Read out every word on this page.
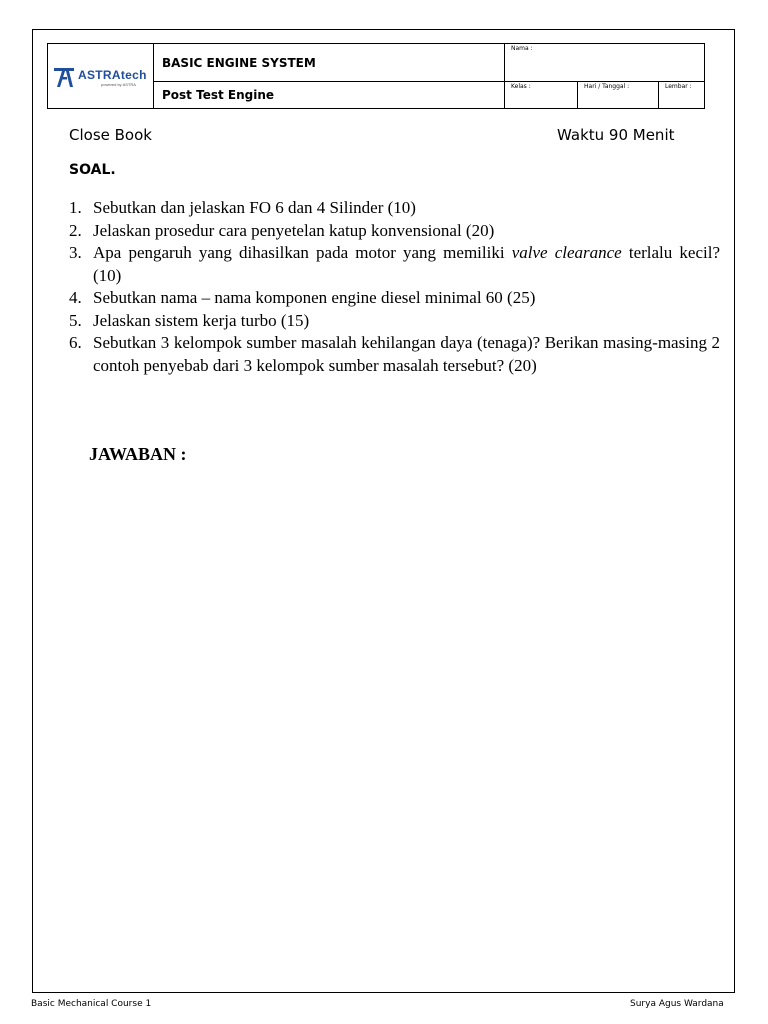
ASTRAtech
powered by ASTRA
BASIC ENGINE SYSTEM
Post Test Engine
Nama :
Kelas :	Hari / Tanggal :	Lembar :
Close Book	Waktu 90 Menit
SOAL.
1. Sebutkan dan jelaskan FO 6 dan 4 Silinder (10)
2. Jelaskan prosedur cara penyetelan katup konvensional (20)
3. Apa pengaruh yang dihasilkan pada motor yang memiliki valve clearance terlalu kecil? (10)
4. Sebutkan nama – nama komponen engine diesel minimal 60 (25)
5. Jelaskan sistem kerja turbo (15)
6. Sebutkan 3 kelompok sumber masalah kehilangan daya (tenaga)? Berikan masing-masing 2 contoh penyebab dari 3 kelompok sumber masalah tersebut? (20)
JAWABAN :
Basic Mechanical Course 1	Surya Agus Wardana
